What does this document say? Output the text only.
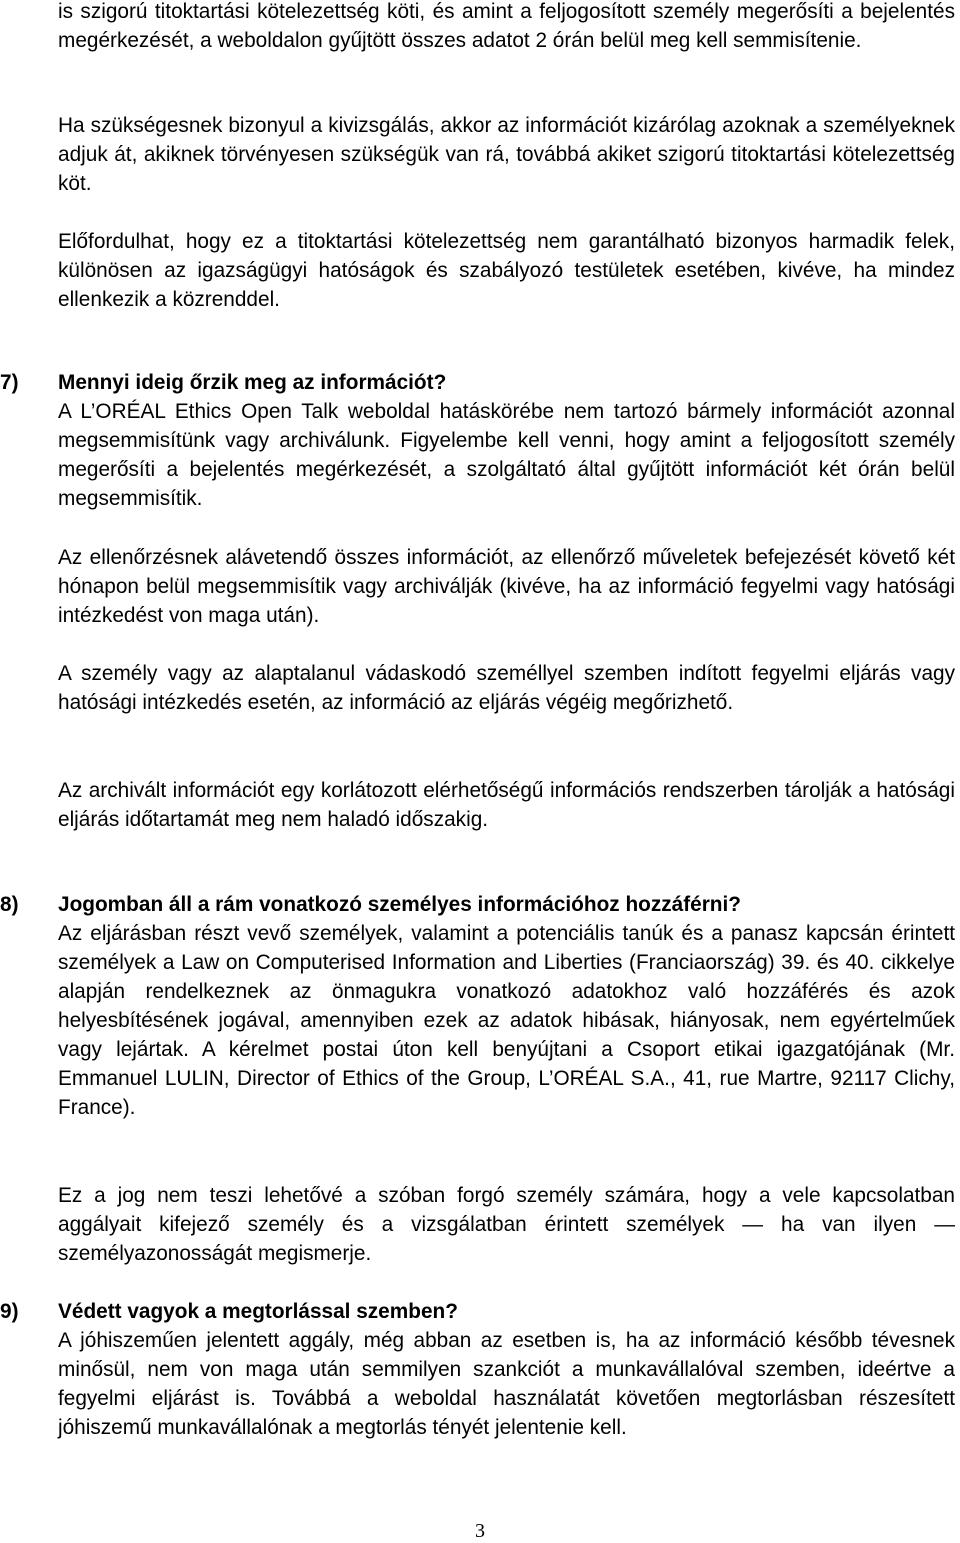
is szigorú titoktartási kötelezettség köti, és amint a feljogosított személy megerősíti a bejelentés megérkezését, a weboldalon gyűjtött összes adatot 2 órán belül meg kell semmisítenie.

Ha szükségesnek bizonyul a kivizsgálás, akkor az információt kizárólag azoknak a személyeknek adjuk át, akiknek törvényesen szükségük van rá, továbbá akiket szigorú titoktartási kötelezettség köt.

Előfordulhat, hogy ez a titoktartási kötelezettség nem garantálható bizonyos harmadik felek, különösen az igazságügyi hatóságok és szabályozó testületek esetében, kivéve, ha mindez ellenkezik a közrenddel.

7) Mennyi ideig őrzik meg az információt?

A L’ORÉAL Ethics Open Talk weboldal hatáskörébe nem tartozó bármely információt azonnal megsemmisítünk vagy archiválunk. Figyelembe kell venni, hogy amint a feljogosított személy megerősíti a bejelentés megérkezését, a szolgáltató által gyűjtött információt két órán belül megsemmisítik.

Az ellenőrzésnek alávetendő összes információt, az ellenőrző műveletek befejezését követő két hónapon belül megsemmisítik vagy archiválják (kivéve, ha az információ fegyelmi vagy hatósági intézkedést von maga után).

A személy vagy az alaptalanul vádaskodó személlyel szemben indított fegyelmi eljárás vagy hatósági intézkedés esetén, az információ az eljárás végéig megőrizhető.

Az archivált információt egy korlátozott elérhetőségű információs rendszerben tárolják a hatósági eljárás időtartamát meg nem haladó időszakig.

8) Jogomban áll a rám vonatkozó személyes információhoz hozzáférni?

Az eljárásban részt vevő személyek, valamint a potenciális tanúk és a panasz kapcsán érintett személyek a Law on Computerised Information and Liberties (Franciaország) 39. és 40. cikkelye alapján rendelkeznek az önmagukra vonatkozó adatokhoz való hozzáférés és azok helyesbítésének jogával, amennyiben ezek az adatok hibásak, hiányosak, nem egyértelműek vagy lejártak. A kérelmet postai úton kell benyújtani a Csoport etikai igazgatójának (Mr. Emmanuel LULIN, Director of Ethics of the Group, L’ORÉAL S.A., 41, rue Martre, 92117 Clichy, France).

Ez a jog nem teszi lehetővé a szóban forgó személy számára, hogy a vele kapcsolatban aggályait kifejező személy és a vizsgálatban érintett személyek — ha van ilyen — személyazonosságát megismerje.

9) Védett vagyok a megtorlással szemben?

A jóhiszeműen jelentett aggály, még abban az esetben is, ha az információ később tévesnek minősül, nem von maga után semmilyen szankciót a munkavállalóval szemben, ideértve a fegyelmi eljárást is. Továbbá a weboldal használatát követően megtorlásban részesített jóhiszemű munkavállalónak a megtorlás tényét jelentenie kell.

3
